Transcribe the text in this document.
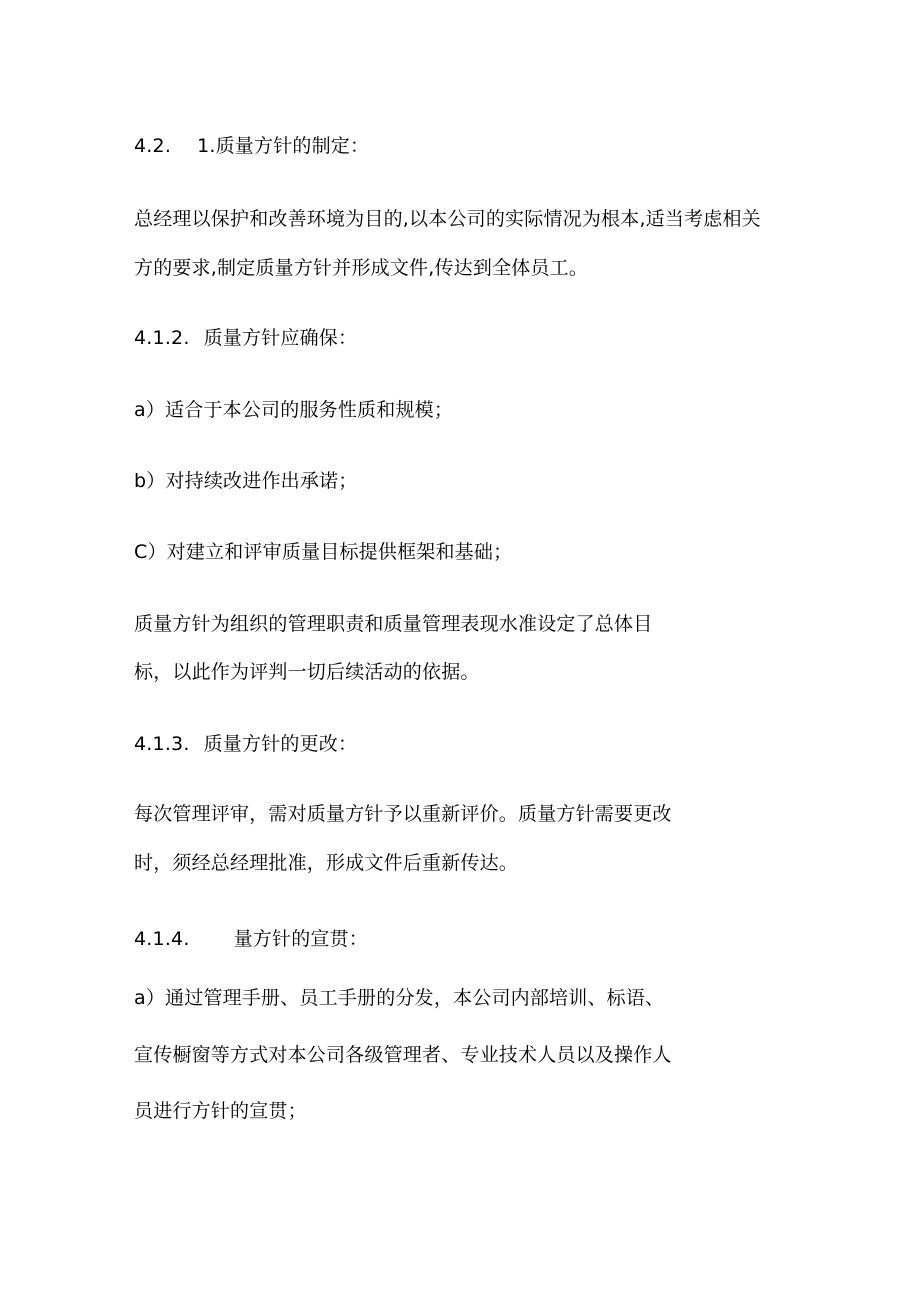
4.2. 1.质量方针的制定：
总经理以保护和改善环境为目的,以本公司的实际情况为根本,适当考虑相关
方的要求,制定质量方针并形成文件,传达到全体员工。
4.1.2. 质量方针应确保：
a）适合于本公司的服务性质和规模；
b）对持续改进作出承诺；
C）对建立和评审质量目标提供框架和基础；
质量方针为组织的管理职责和质量管理表现水准设定了总体目
标，以此作为评判一切后续活动的依据。
4.1.3. 质量方针的更改：
每次管理评审，需对质量方针予以重新评价。质量方针需要更改
时，须经总经理批准，形成文件后重新传达。
4.1.4. 量方针的宣贯：
a）通过管理手册、员工手册的分发，本公司内部培训、标语、
宣传橱窗等方式对本公司各级管理者、专业技术人员以及操作人
员进行方针的宣贯；
